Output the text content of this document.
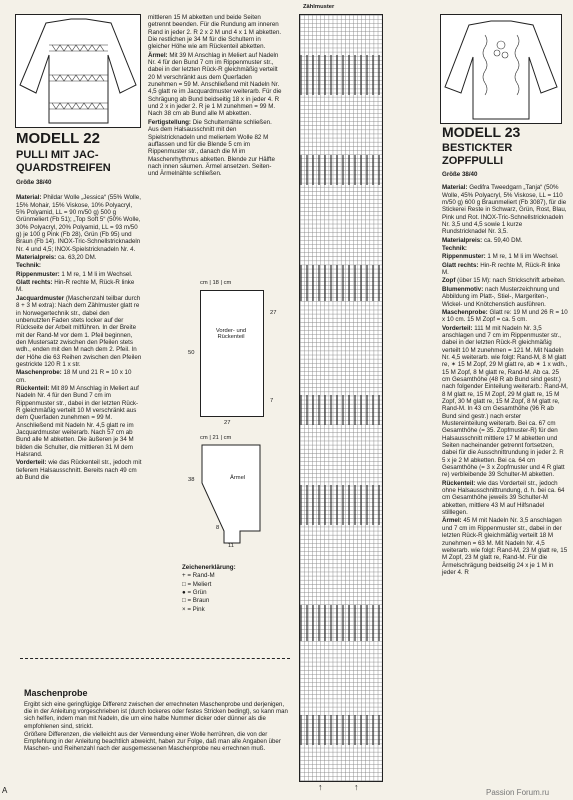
MODELL 22
PULLI MIT JAC-QUARDSTREIFEN
Größe 38/40

Material: Phildar Wolle „Jessica“ (55% Wolle, 15% Mohair, 15% Viskose, 10% Polyacryl, 5% Polyamid, LL = 90 m/50 g) 500 g Grünmeliert (Fb 51); „Top Soft 5“ (50% Wolle, 30% Polyacryl, 20% Polyamid, LL = 93 m/50 g) je 100 g Pink (Fb 28), Grün (Fb 95) und Braun (Fb 14). INOX-Tric-Schnellstricknadeln Nr. 4 und 4,5; INOX-Spielstricknadeln Nr. 4.

Materialpreis: ca. 63,20 DM.

Technik:

Rippenmuster: 1 M re, 1 M li im Wechsel.

Glatt rechts: Hin-R rechte M, Rück-R linke M.

Jacquardmuster (Maschenzahl teilbar durch 8 + 3 M extra): Nach dem Zählmuster glatt re in Norwegertechnik str., dabei den unbenutzten Faden stets locker auf der Rückseite der Arbeit mitführen. In der Breite mit der Rand-M vor dem 1. Pfeil beginnen, den Mustersatz zwischen den Pfeilen stets wdh., enden mit den M nach dem 2. Pfeil. In der Höhe die 63 Reihen zwischen den Pfeilen gestrickte 120 R 1 x str.

Maschenprobe: 18 M und 21 R = 10 x 10 cm.

Rückenteil: Mit 89 M Anschlag in Meliert auf Nadeln Nr. 4 für den Bund 7 cm im Rippenmuster str., dabei in der letzten Rück-R gleichmäßig verteilt 10 M verschränkt aus dem Querfaden zunehmen = 99 M. Anschließend mit Nadeln Nr. 4,5 glatt re im Jacquardmuster weiterarb. Nach 57 cm ab Bund alle M abketten. Die äußeren je 34 M bilden die Schulter, die mittleren 31 M dem Halsrand.

Vorderteil: wie das Rückenteil str., jedoch mit tieferem Halsausschnitt. Bereits nach 49 cm ab Bund die

mittleren 15 M abketten und beide Seiten getrennt beenden. Für die Rundung am inneren Rand in jeder 2. R 2 x 2 M und 4 x 1 M abketten. Die restlichen je 34 M für die Schultern in gleicher Höhe wie am Rückenteil abketten.

Ärmel: Mit 39 M Anschlag in Meliert auf Nadeln Nr. 4 für den Bund 7 cm im Rippenmuster str., dabei in der letzten Rück-R gleichmäßig verteilt 20 M verschränkt aus dem Querfaden zunehmen = 59 M. Anschließend mit Nadeln Nr. 4,5 glatt re im Jacquardmuster weiterarb. Für die Schrägung ab Bund beidseitig 18 x in jeder 4. R und 2 x in jeder 2. R je 1 M zunehmen = 99 M. Nach 38 cm ab Bund alle M abketten.

Fertigstellung: Die Schulternähte schließen. Aus dem Halsausschnitt mit den Spielstricknadeln und meliertem Wolle 82 M auffassen und für die Blende 5 cm im Rippenmuster str., danach die M im Maschenrhythmus abketten. Blende zur Hälfte nach innen säumen. Ärmel ansetzen. Seiten- und Ärmelnähte schließen.

cm | 18 | cm
Vorder- und Rückenteil
27
50
7
27
cm | 21 | cm
Ärmel
38
8
11

Zeichenerklärung:

+ = Rand-M

□ = Meliert

● = Grün

□ = Braun

× = Pink

Maschenprobe

Ergibt sich eine geringfügige Differenz zwischen der errechneten Maschenprobe und derjenigen, die in der Anleitung vorgeschrieben ist (durch lockeres oder festes Stricken bedingt), so kann man sich helfen, indem man mit Nadeln, die um eine halbe Nummer dicker oder dünner als die empfohlenen sind, strickt.

Größere Differenzen, die vielleicht aus der Verwendung einer Wolle herrühren, die von der Empfehlung in der Anleitung beachtlich abweicht, haben zur Folge, daß man alle Angaben über Maschen- und Reihenzahl nach der ausgemessenen Maschenprobe neu errechnen muß.

Zählmuster
↑	↑
MODELL 23
BESTICKTER ZOPFPULLI
Größe 38/40

Material: Gedifra Tweedgarn „Tanja“ (50% Wolle, 45% Polyacryl, 5% Viskose, LL = 110 m/50 g) 600 g Braunmeliert (Fb 3087), für die Stickerei Reste in Schwarz, Grün, Rost, Blau, Pink und Rot. INOX-Tric-Schnellstricknadeln Nr. 3,5 und 4,5 sowie 1 kurze Rundstricknadel Nr. 3,5.

Materialpreis: ca. 59,40 DM.

Technik:

Rippenmuster: 1 M re, 1 M li im Wechsel.

Glatt rechts: Hin-R rechte M, Rück-R linke M.

Zopf (über 15 M): nach Strickschrift arbeiten.

Blumenmotiv: nach Musterzeichnung und Abbildung im Platt-, Stiel-, Margeriten-, Wickel- und Knötchenstich ausführen.

Maschenprobe: Glatt re: 19 M und 26 R = 10 x 10 cm. 15 M Zopf = ca. 5 cm.

Vorderteil: 111 M mit Nadeln Nr. 3,5 anschlagen und 7 cm im Rippenmuster str., dabei in der letzten Rück-R gleichmäßig verteilt 10 M zunehmen = 121 M. Mit Nadeln Nr. 4,5 weiterarb. wie folgt: Rand-M, 8 M glatt re, ✶ 15 M Zopf, 29 M glatt re, ab ✶ 1 x wdh., 15 M Zopf, 8 M glatt re, Rand-M. Ab ca. 25 cm Gesamthöhe (48 R ab Bund sind gestr.) nach folgender Einteilung weiterarb.: Rand-M, 8 M glatt re, 15 M Zopf, 29 M glatt re, 15 M Zopf, 30 M glatt re, 15 M Zopf, 8 M glatt re, Rand-M. In 43 cm Gesamthöhe (96 R ab Bund sind gestr.) nach erster Mustereinteilung weiterarb. Bei ca. 67 cm Gesamthöhe (= 35. Zopfmuster-R) für den Halsausschnitt mittlere 17 M abketten und Seiten nacheinander getrennt fortsetzen, dabei für die Ausschnittrundung in jeder 2. R 5 x je 2 M abketten. Bei ca. 64 cm Gesamthöhe (= 3 x Zopfmuster und 4 R glatt re) verbleibende 39 Schulter-M abketten.

Rückenteil: wie das Vorderteil str., jedoch ohne Halsausschnittrundung, d. h. bei ca. 64 cm Gesamthöhe jeweils 39 Schulter-M abketten, mittlere 43 M auf Hilfsnadel stilllegen.

Ärmel: 45 M mit Nadeln Nr. 3,5 anschlagen und 7 cm im Rippenmuster str., dabei in der letzten Rück-R gleichmäßig verteilt 18 M zunehmen = 63 M. Mit Nadeln Nr. 4,5 weiterarb. wie folgt: Rand-M, 23 M glatt re, 15 M Zopf, 23 M glatt re, Rand-M. Für die Ärmelschrägung beidseitig 24 x je 1 M in jeder 4. R

A	Passion Forum.ru
